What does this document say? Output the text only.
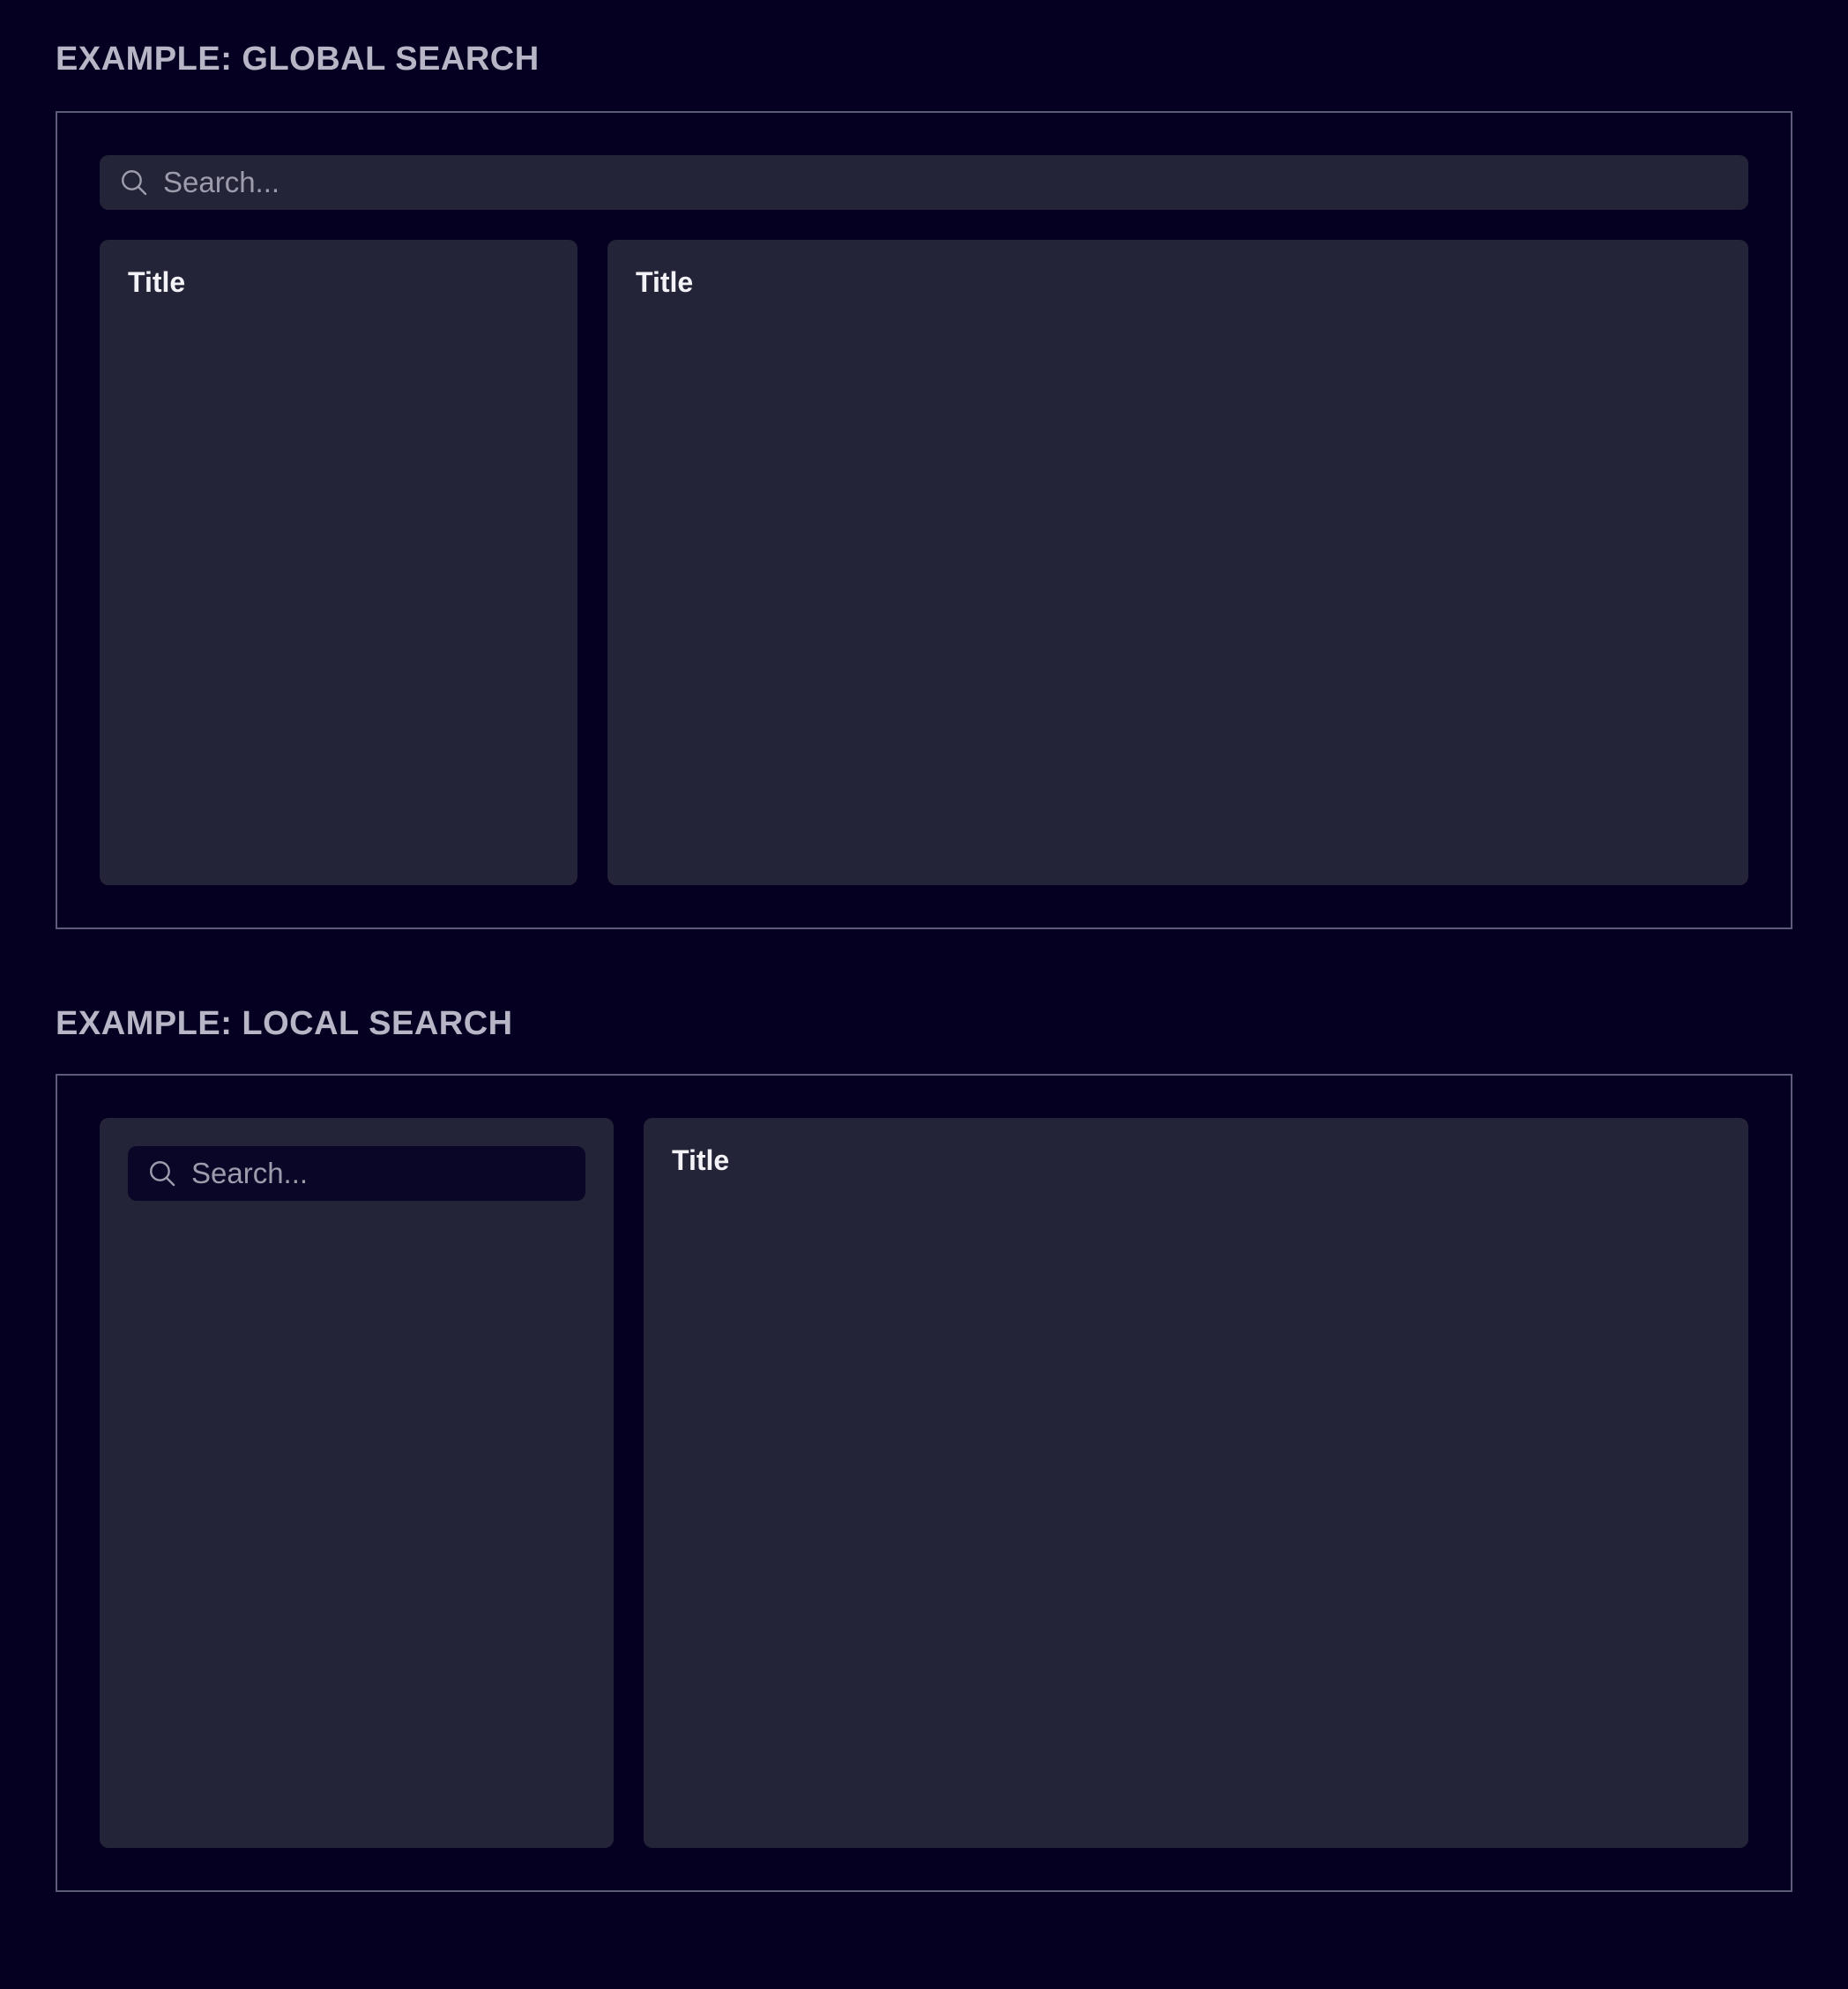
EXAMPLE: GLOBAL SEARCH
Search...
Title	Title
EXAMPLE: LOCAL SEARCH
Search...
Title
